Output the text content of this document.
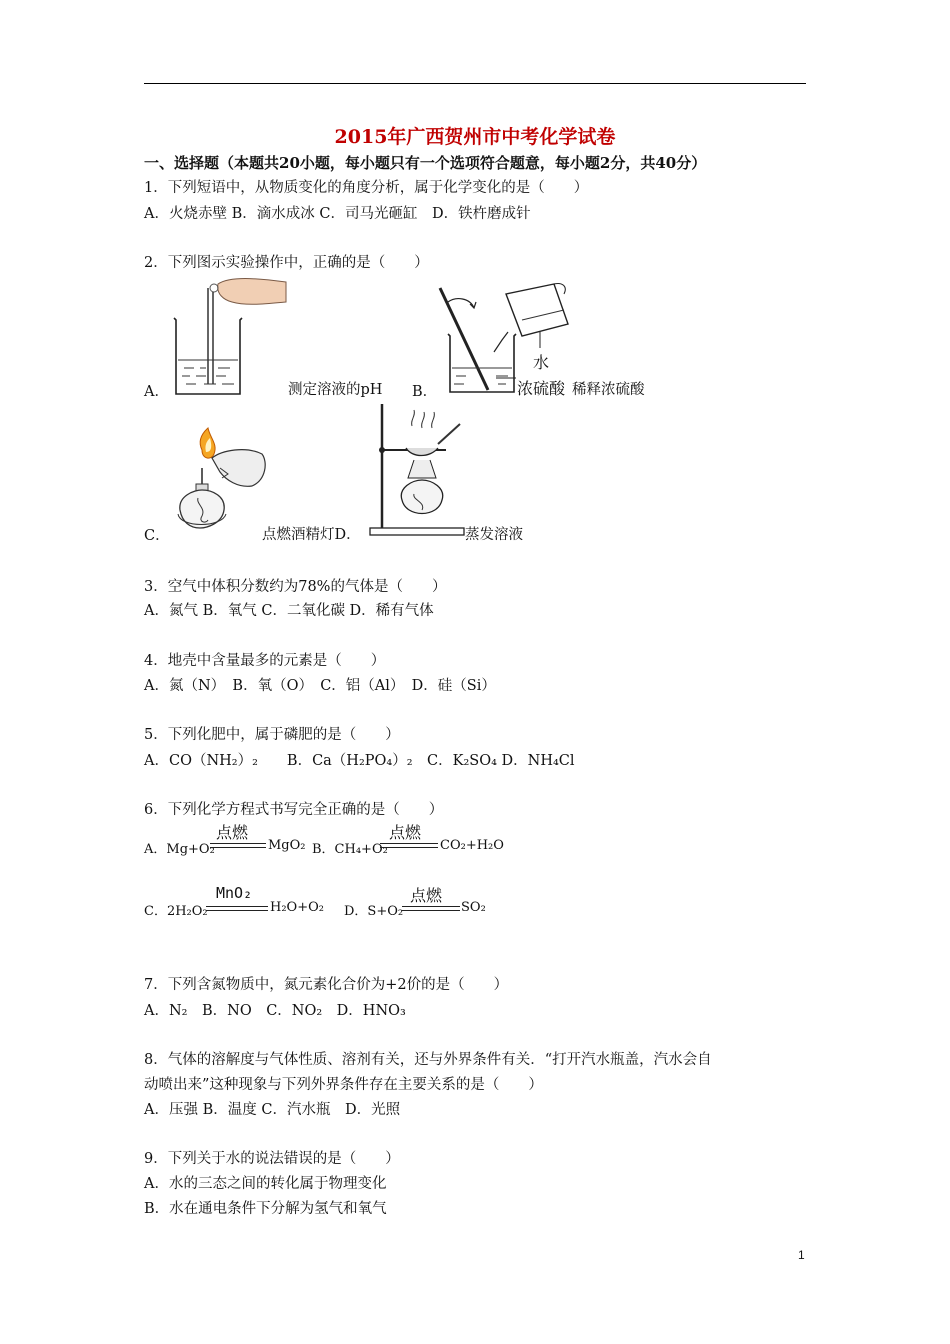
2015年广西贺州市中考化学试卷
一、选择题（本题共20小题，每小题只有一个选项符合题意，每小题2分，共40分）
1．下列短语中，从物质变化的角度分析，属于化学变化的是（　　）
A．火烧赤壁 B．滴水成冰 C．司马光砸缸　D．铁杵磨成针
2．下列图示实验操作中，正确的是（　　）
A．	测定溶液的pH B．
水
浓硫酸 稀释浓硫酸
C．	点燃酒精灯D．	蒸发溶液
3．空气中体积分数约为78%的气体是（　　）
A．氮气 B．氧气 C．二氧化碳 D．稀有气体
4．地壳中含量最多的元素是（　　）
A．氮（N）　B．氧（O）　C．铝（Al）　D．硅（Si）
5．下列化肥中，属于磷肥的是（　　）
A．CO（NH₂）₂　　B．Ca（H₂PO₄）₂　C．K₂SO₄ D．NH₄Cl
6．下列化学方程式书写完全正确的是（　　）
A．Mg+O₂
点燃
MgO₂ B．CH₄+O₂
点燃
CO₂+H₂O
C．2H₂O₂
MnO₂
H₂O+O₂ D．S+O₂
点燃
SO₂
7．下列含氮物质中，氮元素化合价为+2价的是（　　）
A．N₂　B．NO　C．NO₂　D．HNO₃
8．气体的溶解度与气体性质、溶剂有关，还与外界条件有关．“打开汽水瓶盖，汽水会自
动喷出来”这种现象与下列外界条件存在主要关系的是（　　）
A．压强 B．温度 C．汽水瓶　D．光照
9．下列关于水的说法错误的是（　　）
A．水的三态之间的转化属于物理变化
B．水在通电条件下分解为氢气和氧气
1
